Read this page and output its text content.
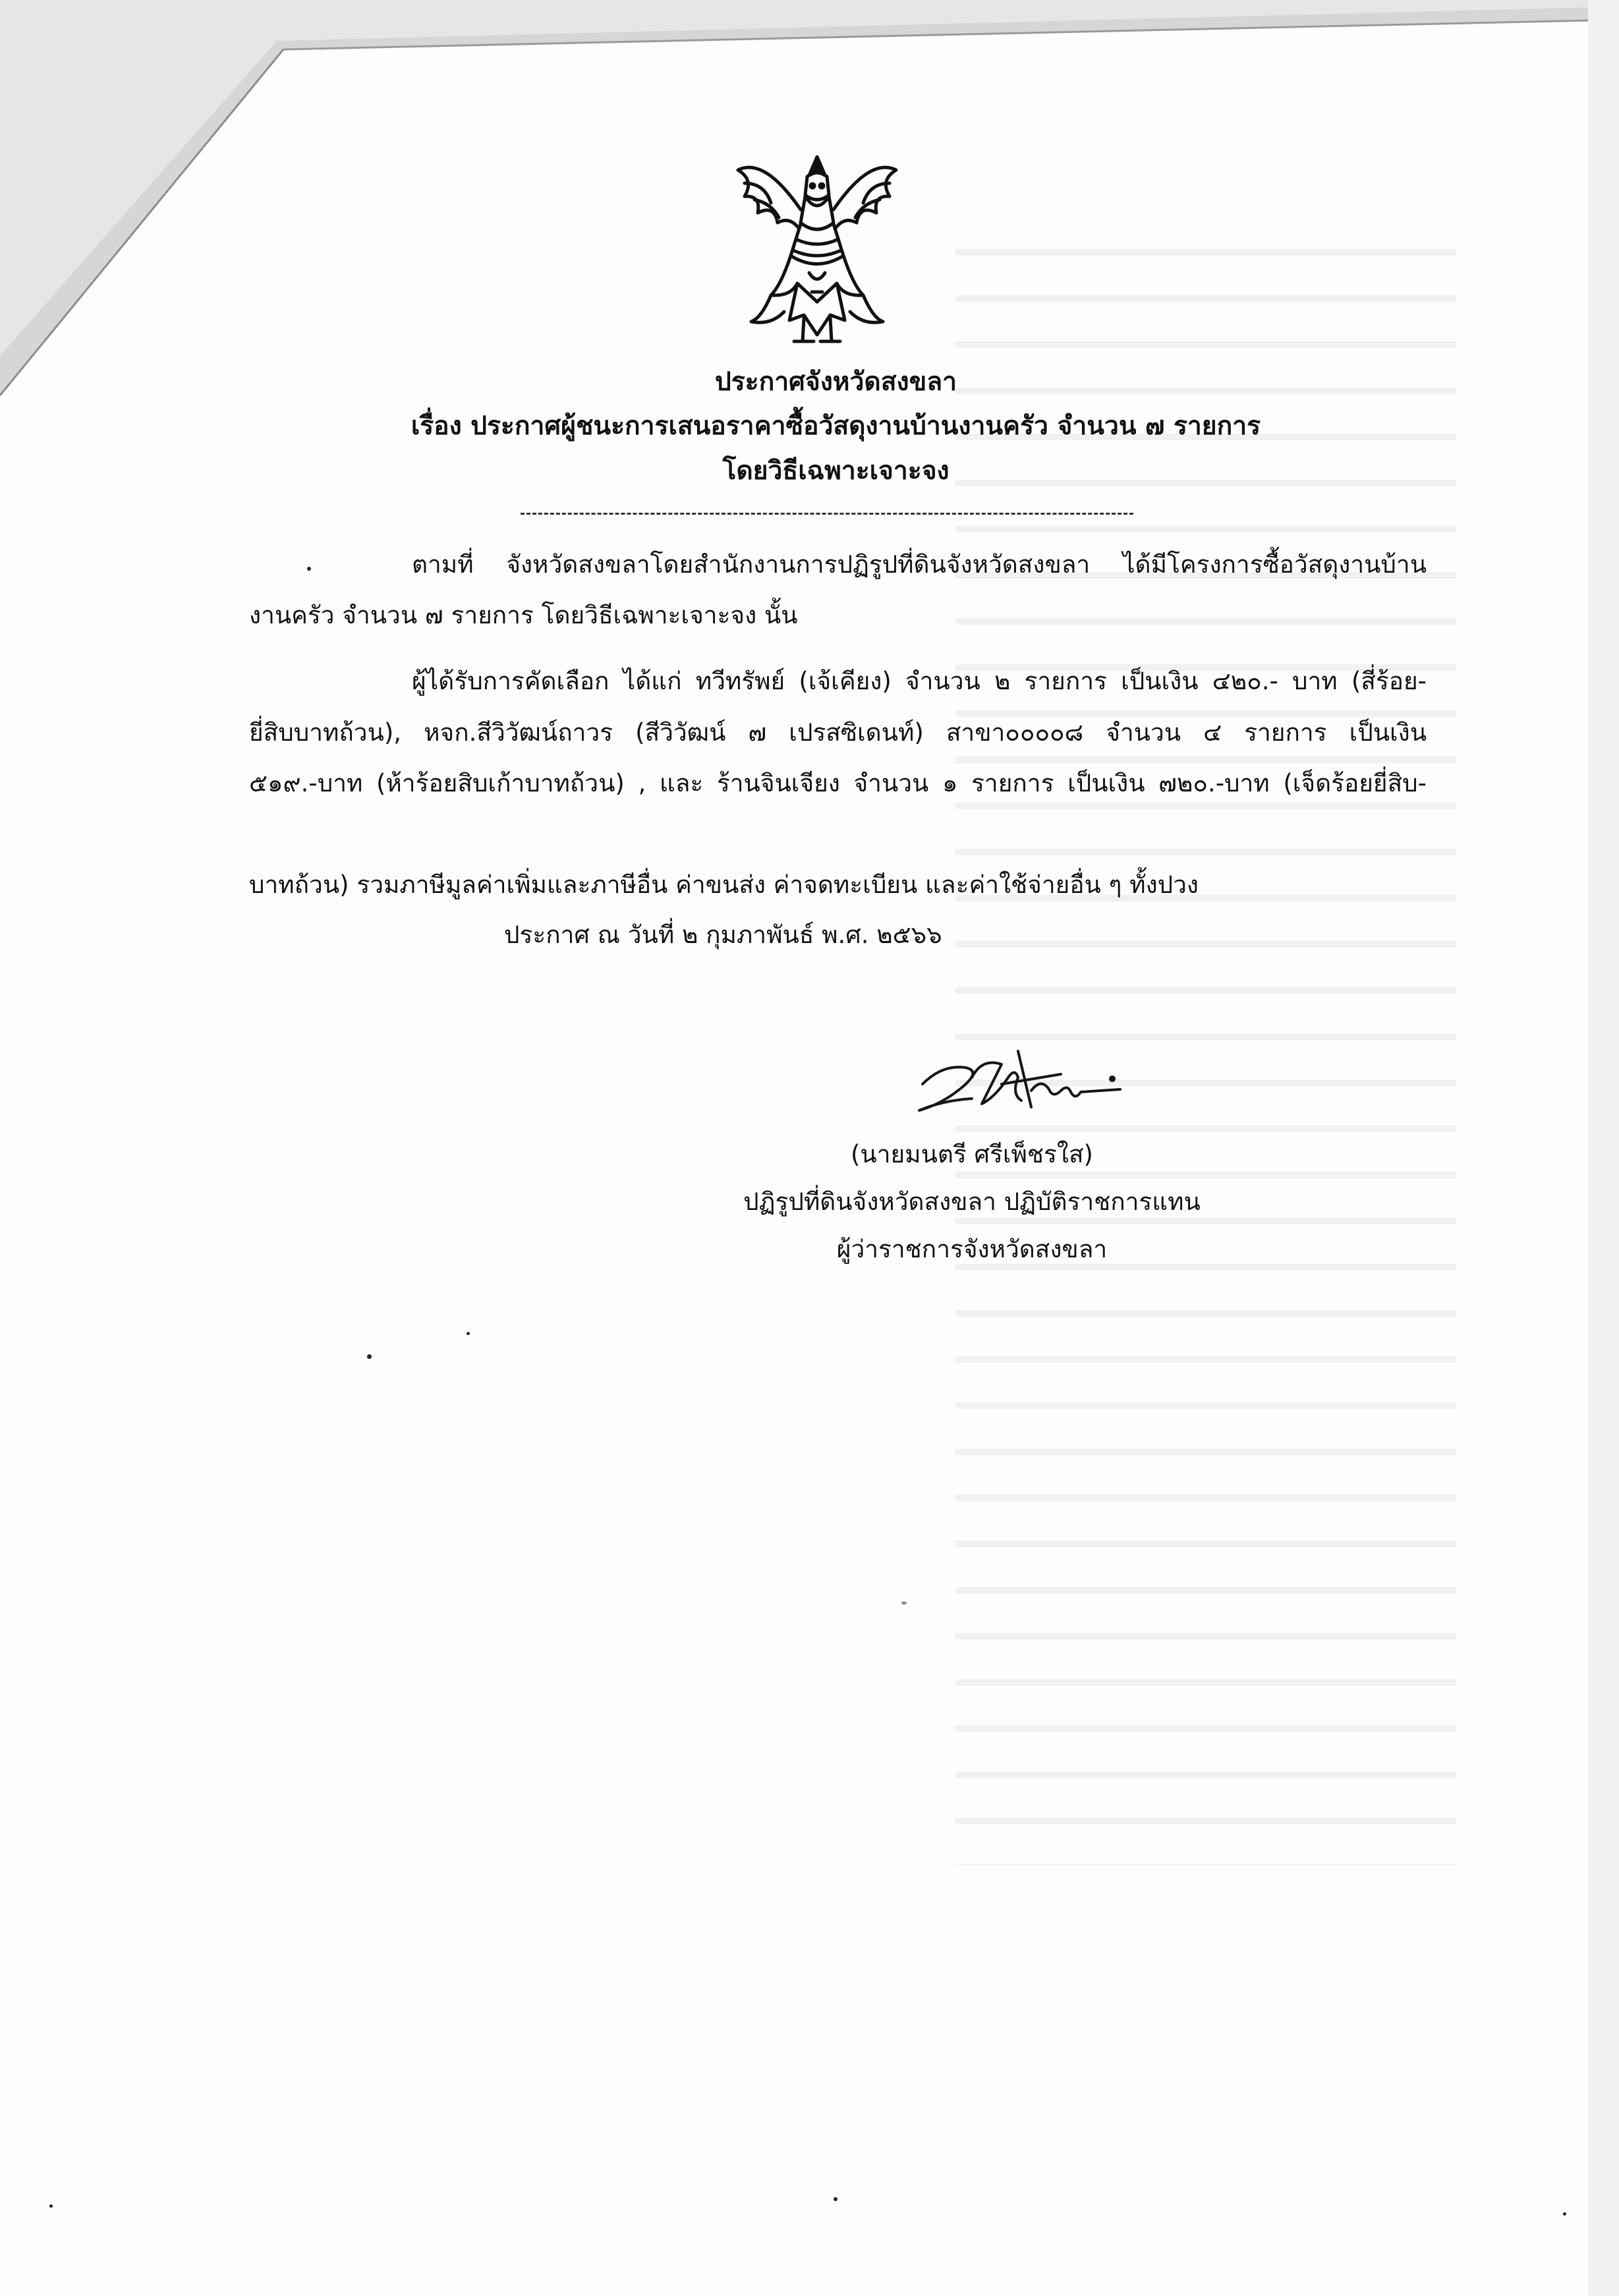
ประกาศจังหวัดสงขลา
เรื่อง ประกาศผู้ชนะการเสนอราคาซื้อวัสดุงานบ้านงานครัว จำนวน ๗ รายการ
โดยวิธีเฉพาะเจาะจง
ตามที่ จังหวัดสงขลาโดยสำนักงานการปฏิรูปที่ดินจังหวัดสงขลา ได้มีโครงการซื้อวัสดุงานบ้าน
งานครัว จำนวน ๗ รายการ โดยวิธีเฉพาะเจาะจง นั้น
ผู้ได้รับการคัดเลือก ได้แก่ ทวีทรัพย์ (เจ้เคียง) จำนวน ๒ รายการ เป็นเงิน ๔๒๐.- บาท (สี่ร้อย-
ยี่สิบบาทถ้วน), หจก.สีวิวัฒน์ถาวร (สีวิวัฒน์ ๗ เปรสซิเดนท์) สาขา๐๐๐๐๘ จำนวน ๔ รายการ เป็นเงิน
๕๑๙.-บาท (ห้าร้อยสิบเก้าบาทถ้วน) , และ ร้านจินเจียง จำนวน ๑ รายการ เป็นเงิน ๗๒๐.-บาท (เจ็ดร้อยยี่สิบ-
บาทถ้วน) รวมภาษีมูลค่าเพิ่มและภาษีอื่น ค่าขนส่ง ค่าจดทะเบียน และค่าใช้จ่ายอื่น ๆ ทั้งปวง
ประกาศ ณ วันที่ ๒ กุมภาพันธ์ พ.ศ. ๒๕๖๖
(นายมนตรี ศรีเพ็ชรใส)
ปฏิรูปที่ดินจังหวัดสงขลา ปฏิบัติราชการแทน
ผู้ว่าราชการจังหวัดสงขลา
